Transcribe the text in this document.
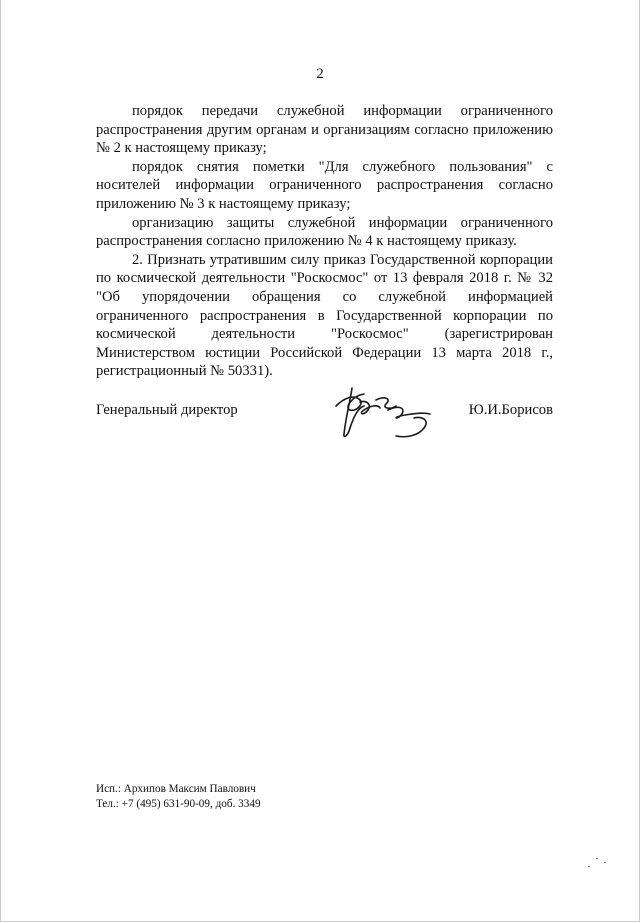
2

порядок передачи служебной информации ограниченного распространения другим органам и организациям согласно приложению № 2 к настоящему приказу;

порядок снятия пометки "Для служебного пользования" с носителей информации ограниченного распространения согласно приложению № 3 к настоящему приказу;

организацию защиты служебной информации ограниченного распространения согласно приложению № 4 к настоящему приказу.

2. Признать утратившим силу приказ Государственной корпорации по космической деятельности "Роскосмос" от 13 февраля 2018 г. № 32 "Об упорядочении обращения со служебной информацией ограниченного распространения в Государственной корпорации по космической деятельности "Роскосмос" (зарегистрирован Министерством юстиции Российской Федерации 13 марта 2018 г., регистрационный № 50331).

Генеральный директор	Ю.И.Борисов
Исп.: Архипов Максим Павлович
Тел.: +7 (495) 631-90-09, доб. 3349
